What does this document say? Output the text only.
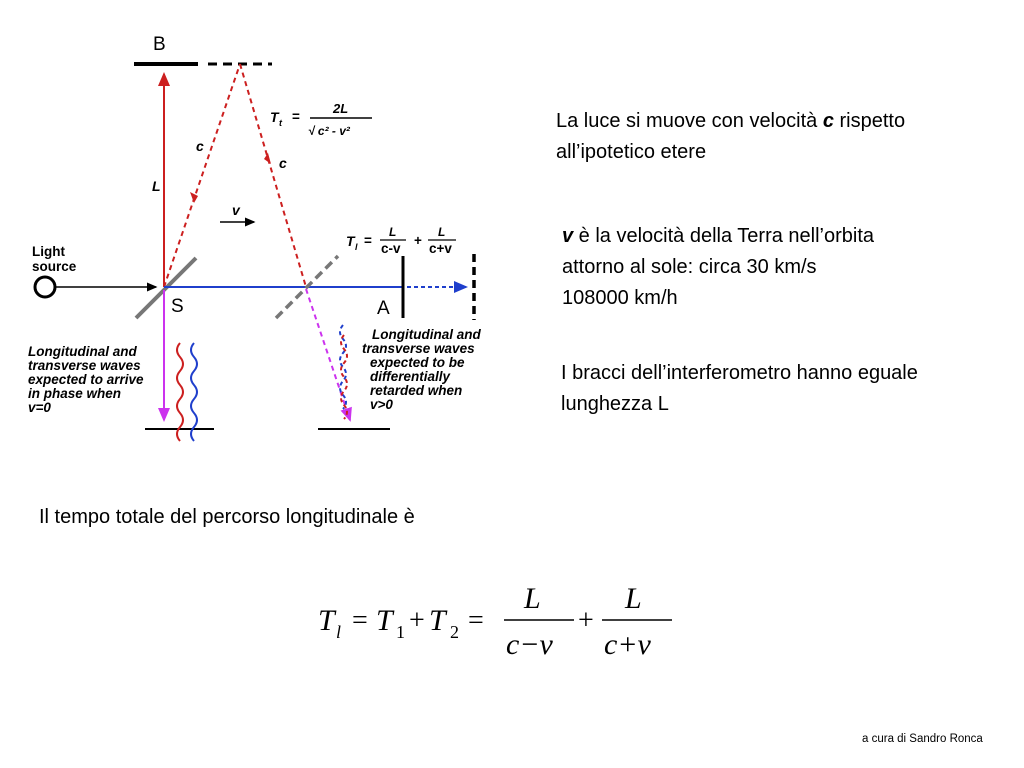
B
L
c
c
T t =
2L
√ c² - v²
v
T l =
L
c-v
+
L
c+v
Light
source
S	A
Longitudinal and
transverse waves
expected to arrive
in phase when
v=0
Longitudinal and
transverse waves
expected to be
differentially
retarded when
v>0
La luce si muove con velocità c rispetto
all’ipotetico etere
v è la velocità della Terra nell’orbita
attorno al sole: circa 30 km/s
108000 km/h
I bracci dell’interferometro hanno eguale
lunghezza L
Il tempo totale del percorso longitudinale è
T l = T 1 + T 2 =
L
c−v
+
L
c+v
a cura di Sandro Ronca
